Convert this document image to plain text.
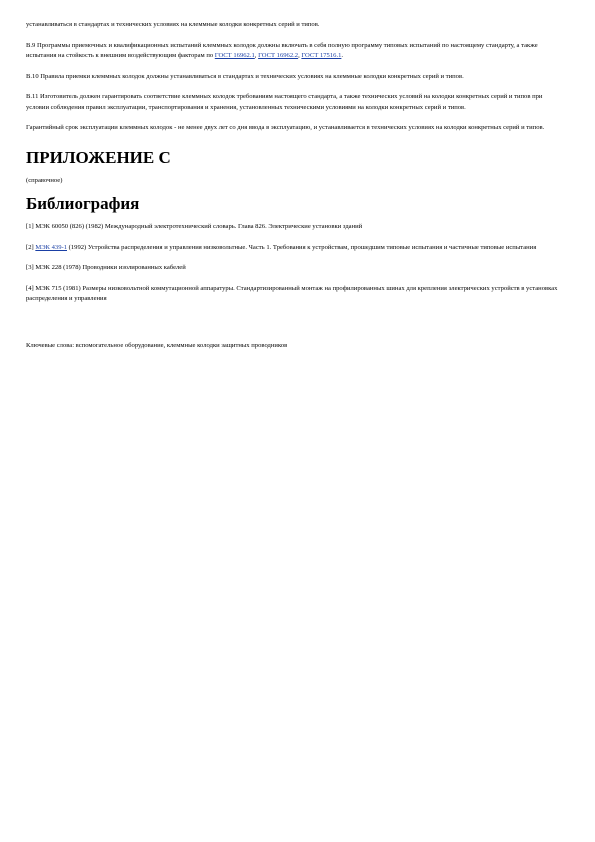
устанавливаться в стандартах и технических условиях на клеммные колодки конкретных серий и типов.

В.9 Программы приемочных и квалификационных испытаний клеммных колодок должны включать в себя полную программу типовых испытаний по настоящему стандарту, а также испытания на стойкость к внешним воздействующим факторам по ГОСТ 16962.1, ГОСТ 16962.2, ГОСТ 17516.1.

В.10 Правила приемки клеммных колодок должны устанавливаться в стандартах и технических условиях на клеммные колодки конкретных серий и типов.

В.11 Изготовитель должен гарантировать соответствие клеммных колодок требованиям настоящего стандарта, а также технических условий на колодки конкретных серий и типов при условии соблюдения правил эксплуатации, транспортирования и хранения, установленных техническими условиями на колодки конкретных серий и типов.

Гарантийный срок эксплуатации клеммных колодок - не менее двух лет со дня ввода в эксплуатацию, и устанавливается в технических условиях на колодки конкретных серий и типов.

ПРИЛОЖЕНИЕ С

(справочное)

Библиография

[1] МЭК 60050 (826) (1982) Международный электротехнический словарь. Глава 826. Электрические установки зданий

[2] МЭК 439-1 (1992) Устройства распределения и управления низковольтные. Часть 1. Требования к устройствам, прошедшим типовые испытания и частичные типовые испытания

[3] МЭК 228 (1978) Проводники изолированных кабелей

[4] МЭК 715 (1981) Размеры низковольтной коммутационной аппаратуры. Стандартизированный монтаж на профилированных шинах для крепления электрических устройств в установках распределения и управления

Ключевые слова: вспомогательное оборудование, клеммные колодки защитных проводников
